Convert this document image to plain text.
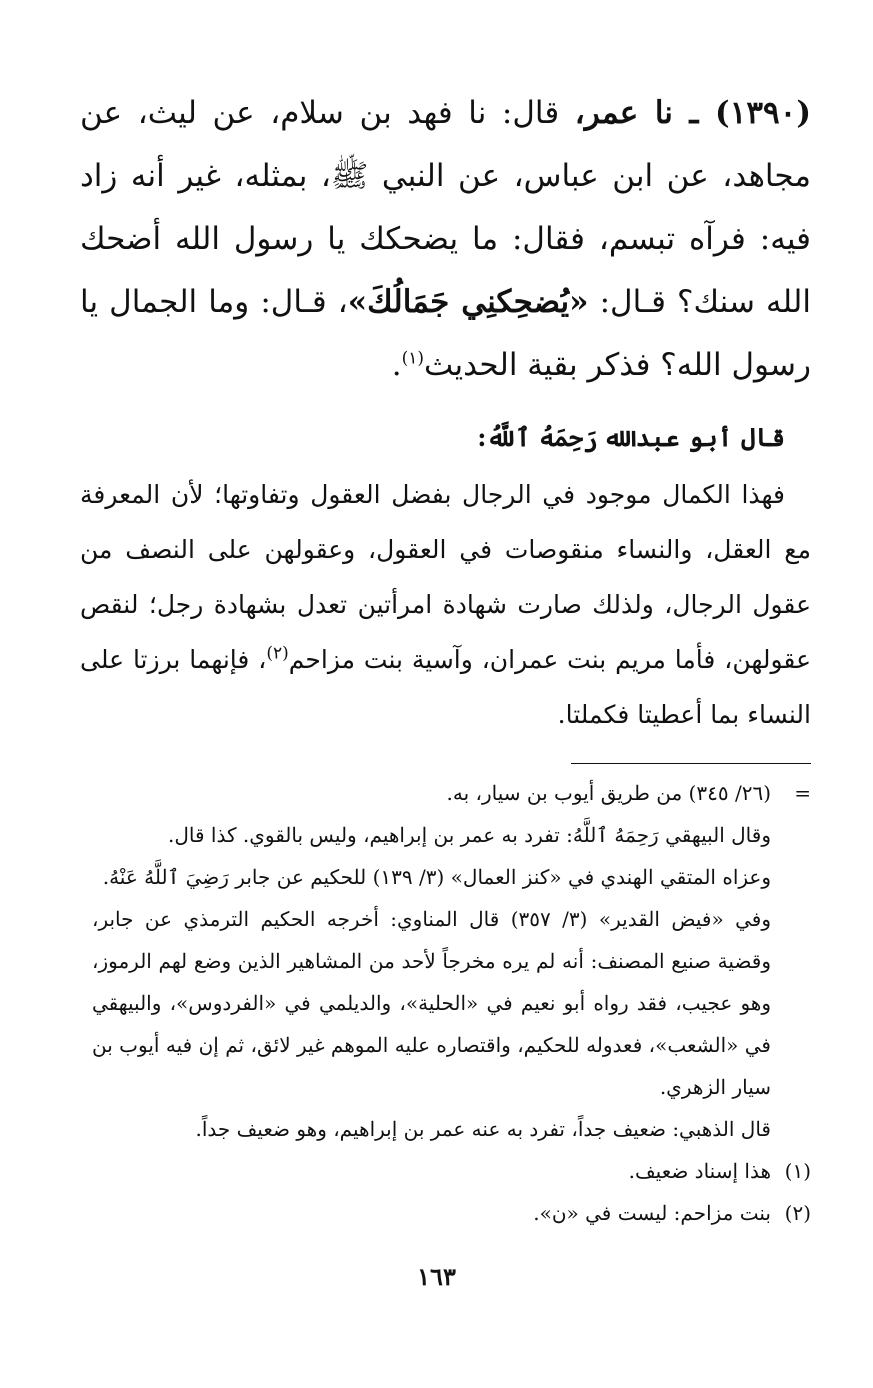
(١٣٩٠) ـ نا عمر، قال: نا فهد بن سلام، عن ليث، عن مجاهد، عن ابن عباس، عن النبي ﷺ، بمثله، غير أنه زاد فيه: فرآه تبسم، فقال: ما يضحكك يا رسول الله أضحك الله سنك؟ قـال: «يُضحِكنِي جَمَالُكَ»، قـال: وما الجمال يا رسول الله؟ فذكر بقية الحديث$^{(١)}$.

قال أبو عبدالله رَحِمَهُ ٱللَّهُ:

فهذا الكمال موجود في الرجال بفضل العقول وتفاوتها؛ لأن المعرفة مع العقل، والنساء منقوصات في العقول، وعقولهن على النصف من عقول الرجال، ولذلك صارت شهادة امرأتين تعدل بشهادة رجل؛ لنقص عقولهن، فأما مريم بنت عمران، وآسية بنت مزاحم$^{(٢)}$، فإنهما برزتا على النساء بما أعطيتا فكملتا.

=
(٢٦/ ٣٤٥) من طريق أيوب بن سيار، به.

وقال البيهقي رَحِمَهُ ٱللَّهُ: تفرد به عمر بن إبراهيم، وليس بالقوي. كذا قال.

وعزاه المتقي الهندي في «كنز العمال» (٣/ ١٣٩) للحكيم عن جابر رَضِيَ ٱللَّهُ عَنْهُ.

وفي «فيض القدير» (٣/ ٣٥٧) قال المناوي: أخرجه الحكيم الترمذي عن جابر، وقضية صنيع المصنف: أنه لم يره مخرجاً لأحد من المشاهير الذين وضع لهم الرموز، وهو عجيب، فقد رواه أبو نعيم في «الحلية»، والديلمي في «الفردوس»، والبيهقي في «الشعب»، فعدوله للحكيم، واقتصاره عليه الموهم غير لائق، ثم إن فيه أيوب بن سيار الزهري.

قال الذهبي: ضعيف جداً، تفرد به عنه عمر بن إبراهيم، وهو ضعيف جداً.

(١)
هذا إسناد ضعيف.

(٢)
بنت مزاحم: ليست في «ن».

١٦٣
